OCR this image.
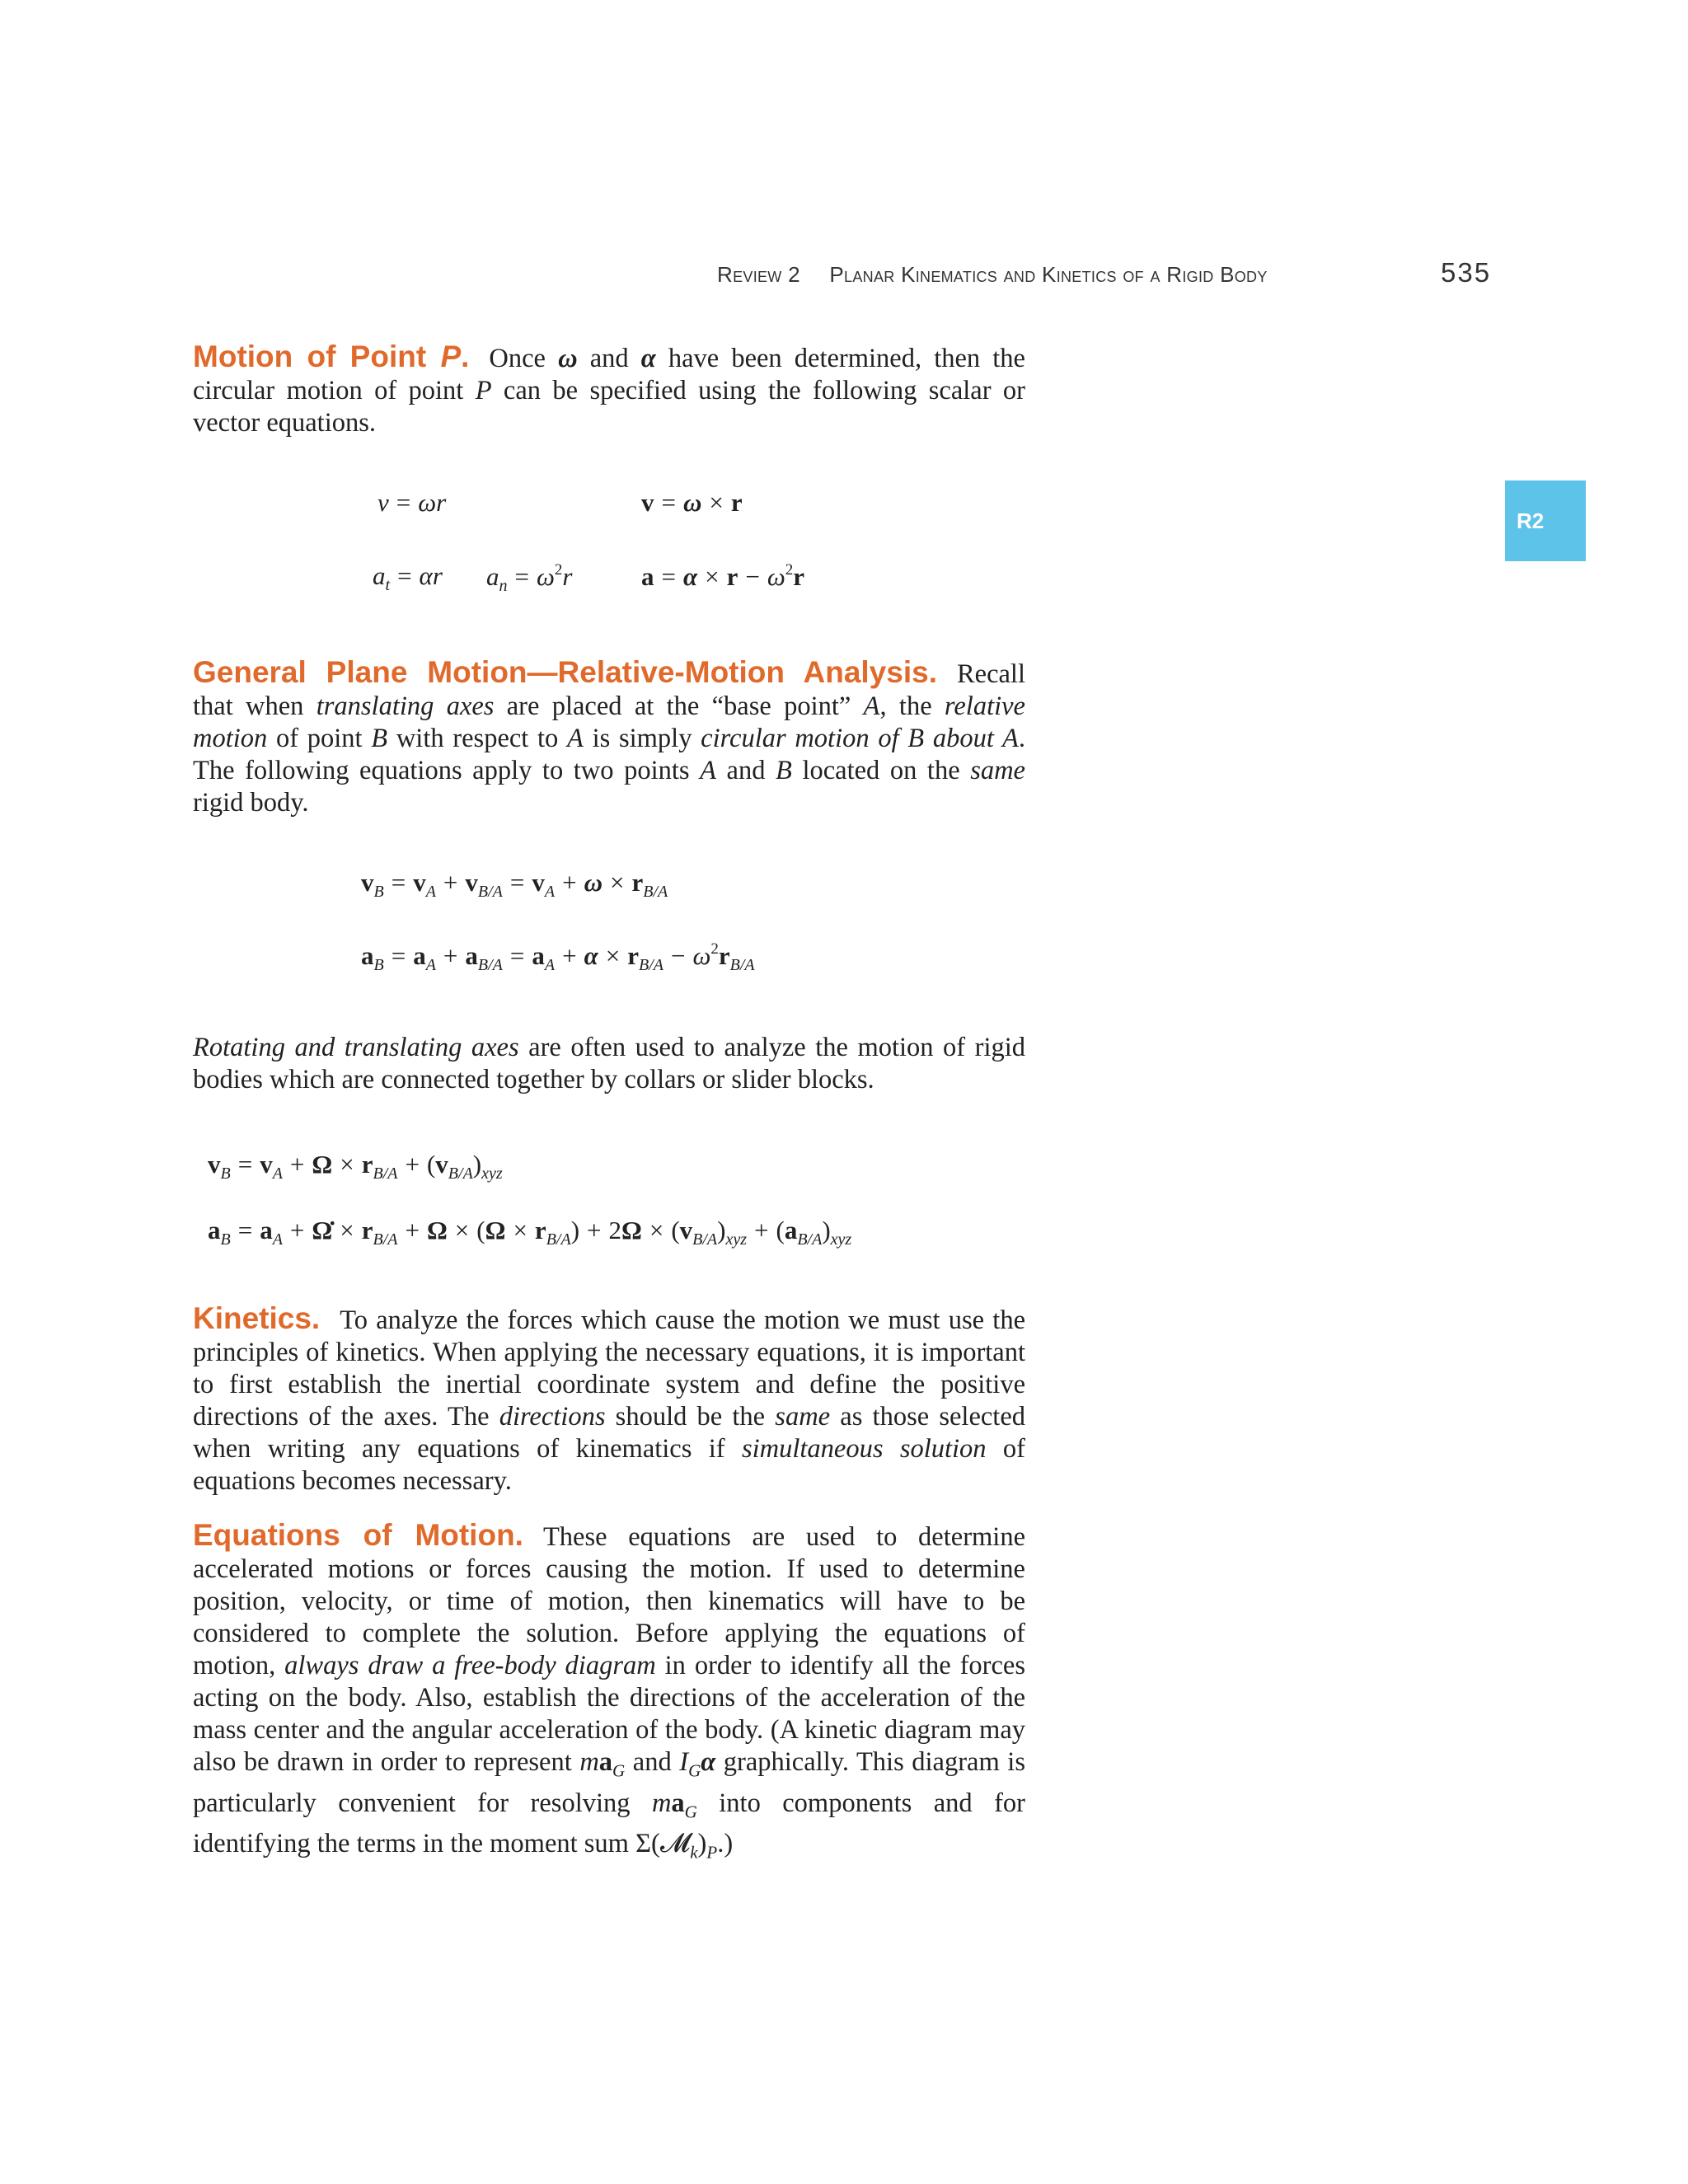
Review 2 Planar Kinematics and Kinetics of a Rigid Body	535
R2

Motion of Point P. Once ω and α have been determined, then the circular motion of point P can be specified using the following scalar or vector equations.

v = ωr	v = ω × r
$a_t = \alpha r$ $a_n = \omega^2r$	$a = \alpha \times r - \omega^2r$

General Plane Motion—Relative-Motion Analysis. Recall that when translating axes are placed at the “base point” A, the relative motion of point B with respect to A is simply circular motion of B about A. The following equations apply to two points A and B located on the same rigid body.

$v_B = v_A + v_{B/A} = v_A + \omega \times r_{B/A}$
$a_B = a_A + a_{B/A} = a_A + \alpha \times r_{B/A} - \omega^2r_{B/A}$

Rotating and translating axes are often used to analyze the motion of rigid bodies which are connected together by collars or slider blocks.

$v_B = v_A + \Omega \times r_{B/A} + (v_{B/A})_{xyz}$
$a_B = a_A$ + Ω̇ × $r_{B/A} + \Omega \times (\Omega \times r_{B/A}) + 2\Omega \times (v_{B/A})_{xyz} + (a_{B/A})_{xyz}$

Kinetics. To analyze the forces which cause the motion we must use the principles of kinetics. When applying the necessary equations, it is important to first establish the inertial coordinate system and define the positive directions of the axes. The directions should be the same as those selected when writing any equations of kinematics if simultaneous solution of equations becomes necessary.

Equations of Motion. These equations are used to determine accelerated motions or forces causing the motion. If used to determine position, velocity, or time of motion, then kinematics will have to be considered to complete the solution. Before applying the equations of motion, always draw a free-body diagram in order to identify all the forces acting on the body. Also, establish the directions of the acceleration of the mass center and the angular acceleration of the body. (A kinetic diagram may also be drawn in order to represent $ma_G$ and $I_G\alpha$ graphically. This diagram is particularly convenient for resolving $ma_G$ into components and for identifying the terms in the moment sum $\Sigma(𝓜_k)_P$.)
